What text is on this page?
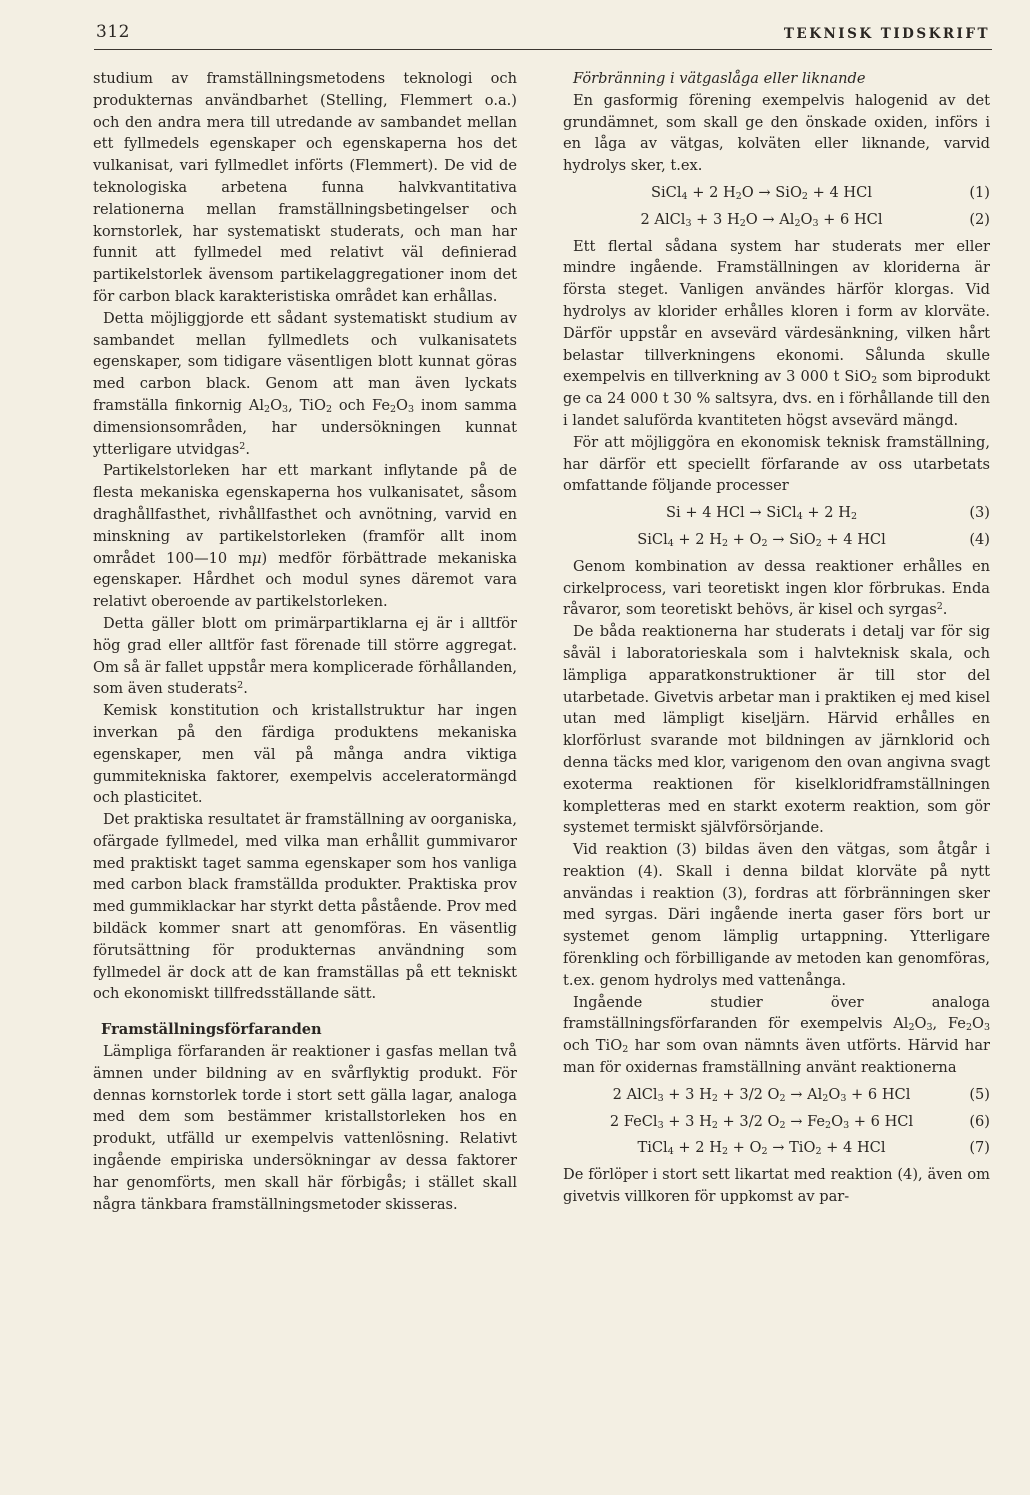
312	TEKNISK TIDSKRIFT

studium av framställningsmetodens teknologi och produkternas användbarhet (Stelling, Flemmert o.a.) och den andra mera till utredande av sambandet mellan ett fyllmedels egenskaper och egenskaperna hos det vulkanisat, vari fyllmedlet införts (Flemmert). De vid de teknologiska arbetena funna halvkvantitativa relationerna mellan framställningsbetingelser och kornstorlek, har systematiskt studerats, och man har funnit att fyllmedel med relativt väl definierad partikelstorlek ävensom partikelaggregationer inom det för carbon black karakteristiska området kan erhållas.

Detta möjliggjorde ett sådant systematiskt studium av sambandet mellan fyllmedlets och vulkanisatets egenskaper, som tidigare väsentligen blott kunnat göras med carbon black. Genom att man även lyckats framställa finkornig $Al_2O_3$, TiO$_2$ och $Fe_2O_3$ inom samma dimensionsområden, har undersökningen kunnat ytterligare utvidgas$^2$.

Partikelstorleken har ett markant inflytande på de flesta mekaniska egenskaperna hos vulkanisatet, såsom draghållfasthet, rivhållfasthet och avnötning, varvid en minskning av partikelstorleken (framför allt inom området 100—10 mμ) medför förbättrade mekaniska egenskaper. Hårdhet och modul synes däremot vara relativt oberoende av partikelstorleken.

Detta gäller blott om primärpartiklarna ej är i alltför hög grad eller alltför fast förenade till större aggregat. Om så är fallet uppstår mera komplicerade förhållanden, som även studerats$^2$.

Kemisk konstitution och kristallstruktur har ingen inverkan på den färdiga produktens mekaniska egenskaper, men väl på många andra viktiga gummitekniska faktorer, exempelvis acceleratormängd och plasticitet.

Det praktiska resultatet är framställning av oorganiska, ofärgade fyllmedel, med vilka man erhållit gummivaror med praktiskt taget samma egenskaper som hos vanliga med carbon black framställda produkter. Praktiska prov med gummiklackar har styrkt detta påstående. Prov med bildäck kommer snart att genomföras. En väsentlig förutsättning för produkternas användning som fyllmedel är dock att de kan framställas på ett tekniskt och ekonomiskt tillfredsställande sätt.

Framställningsförfaranden

Lämpliga förfaranden är reaktioner i gasfas mellan två ämnen under bildning av en svårflyktig produkt. För dennas kornstorlek torde i stort sett gälla lagar, analoga med dem som bestämmer kristallstorleken hos en produkt, utfälld ur exempelvis vattenlösning. Relativt ingående empiriska undersökningar av dessa faktorer har genomförts, men skall här förbigås; i stället skall några tänkbara framställningsmetoder skisseras.

Förbränning i vätgaslåga eller liknande

En gasformig förening exempelvis halogenid av det grundämnet, som skall ge den önskade oxiden, införs i en låga av vätgas, kolväten eller liknande, varvid hydrolys sker, t.ex.

SiCl$_4$ + 2 $H_2O \to SiO_2 + 4$ HCl	(1)
2 AlCl$_3$ + 3 $H_2O \to Al_2O_3 + 6$ HCl	(2)

Ett flertal sådana system har studerats mer eller mindre ingående. Framställningen av kloriderna är första steget. Vanligen användes härför klorgas. Vid hydrolys av klorider erhålles kloren i form av klorväte. Därför uppstår en avsevärd värdesänkning, vilken hårt belastar tillverkningens ekonomi. Sålunda skulle exempelvis en tillverkning av 3 000 t SiO$_2$ som biprodukt ge ca 24 000 t 30 % saltsyra, dvs. en i förhållande till den i landet saluförda kvantiteten högst avsevärd mängd.

För att möjliggöra en ekonomisk teknisk framställning, har därför ett speciellt förfarande av oss utarbetats omfattande följande processer

Si + 4 HCl → SiCl$_4$ + 2 $H_2$	(3)
SiCl$_4$ + 2 $H_2 + O_2 \to SiO_2 + 4$ HCl	(4)

Genom kombination av dessa reaktioner erhålles en cirkelprocess, vari teoretiskt ingen klor förbrukas. Enda råvaror, som teoretiskt behövs, är kisel och syrgas$^2$.

De båda reaktionerna har studerats i detalj var för sig såväl i laboratorieskala som i halvteknisk skala, och lämpliga apparatkonstruktioner är till stor del utarbetade. Givetvis arbetar man i praktiken ej med kisel utan med lämpligt kiseljärn. Härvid erhålles en klorförlust svarande mot bildningen av järnklorid och denna täcks med klor, varigenom den ovan angivna svagt exoterma reaktionen för kiselkloridframställningen kompletteras med en starkt exoterm reaktion, som gör systemet termiskt självförsörjande.

Vid reaktion (3) bildas även den vätgas, som åtgår i reaktion (4). Skall i denna bildat klorväte på nytt användas i reaktion (3), fordras att förbränningen sker med syrgas. Däri ingående inerta gaser förs bort ur systemet genom lämplig urtappning. Ytterligare förenkling och förbilligande av metoden kan genomföras, t.ex. genom hydrolys med vattenånga.

Ingående studier över analoga framställningsförfaranden för exempelvis $Al_2O_3$, $Fe_2O_3$ och TiO$_2$ har som ovan nämnts även utförts. Härvid har man för oxidernas framställning använt reaktionerna

2 AlCl$_3$ + 3 $H_2 + 3/2$ $O_2 \to Al_2O_3 + 6$ HCl	(5)
2 FeCl$_3$ + 3 $H_2 + 3/2$ $O_2 \to Fe_2O_3 + 6$ HCl	(6)
TiCl$_4$ + 2 $H_2 + O_2 \to TiO_2 + 4$ HCl	(7)

De förlöper i stort sett likartat med reaktion (4), även om givetvis villkoren för uppkomst av par-
